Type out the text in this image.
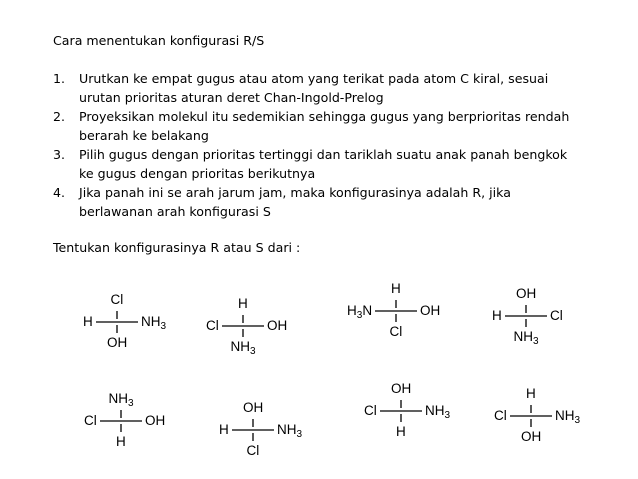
Cara menentukan konfigurasi R/S

1. Urutkan ke empat gugus atau atom yang terikat pada atom C kiral, sesuai
urutan prioritas aturan deret Chan-Ingold-Prelog
2. Proyeksikan molekul itu sedemikian sehingga gugus yang berprioritas rendah
berarah ke belakang
3. Pilih gugus dengan prioritas tertinggi dan tariklah suatu anak panah bengkok
ke gugus dengan prioritas berikutnya
4. Jika panah ini se arah jarum jam, maka konfigurasinya adalah R, jika
berlawanan arah konfigurasi S

Tentukan konfigurasinya R atau S dari :

Cl
H	$NH_3$
OH
H
Cl	OH
$NH_3$
H
$H_3N$	OH
Cl
OH
H	Cl
$NH_3$
$NH_3$
Cl	OH
H
OH
H	$NH_3$
Cl
OH
Cl	$NH_3$
H
H
Cl	$NH_3$
OH
